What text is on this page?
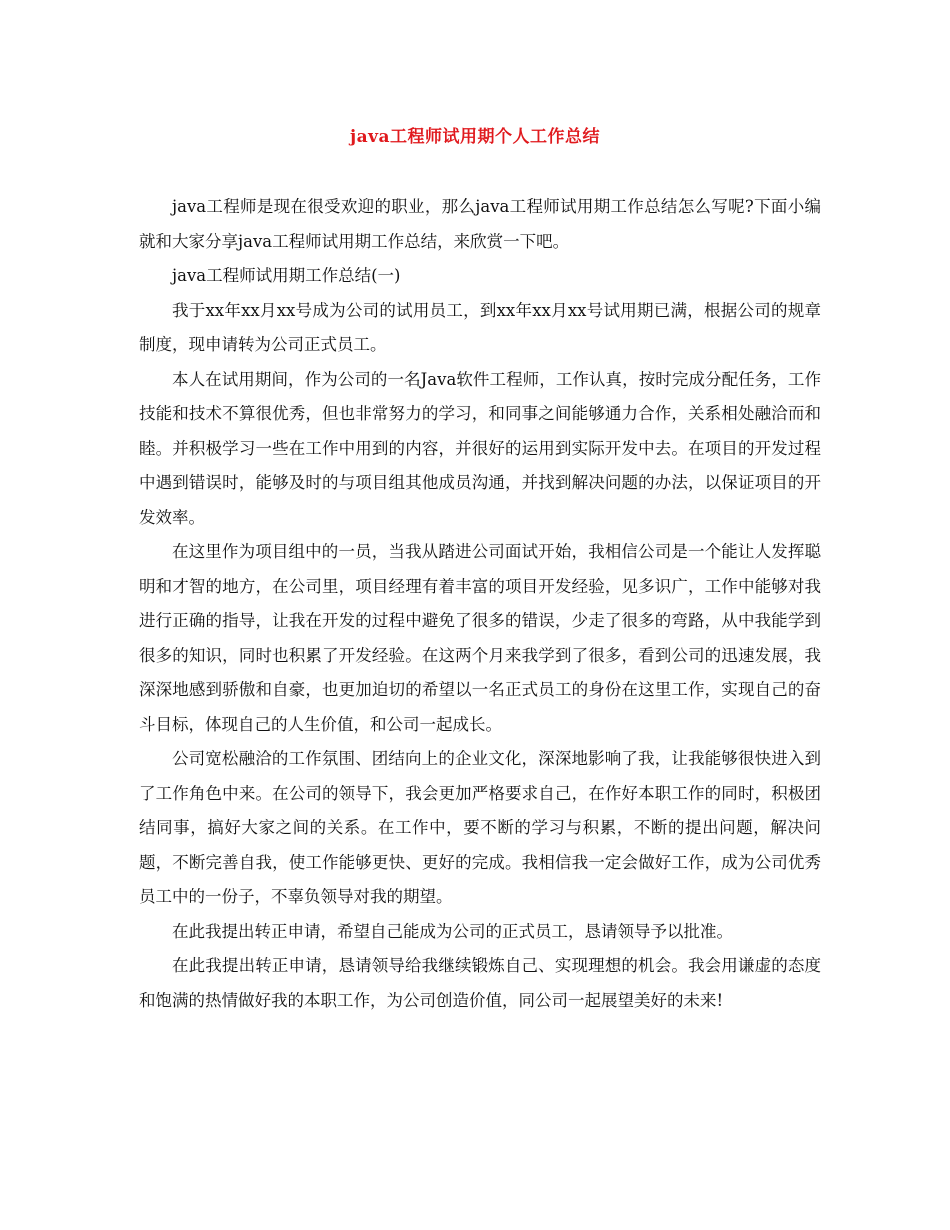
java工程师试用期个人工作总结

java工程师是现在很受欢迎的职业，那么java工程师试用期工作总结怎么写呢?下面小编就和大家分享java工程师试用期工作总结，来欣赏一下吧。

java工程师试用期工作总结(一)

我于xx年xx月xx号成为公司的试用员工，到xx年xx月xx号试用期已满，根据公司的规章制度，现申请转为公司正式员工。

本人在试用期间，作为公司的一名Java软件工程师，工作认真，按时完成分配任务，工作技能和技术不算很优秀，但也非常努力的学习，和同事之间能够通力合作，关系相处融洽而和睦。并积极学习一些在工作中用到的内容，并很好的运用到实际开发中去。在项目的开发过程中遇到错误时，能够及时的与项目组其他成员沟通，并找到解决问题的办法，以保证项目的开发效率。

在这里作为项目组中的一员，当我从踏进公司面试开始，我相信公司是一个能让人发挥聪明和才智的地方，在公司里，项目经理有着丰富的项目开发经验，见多识广，工作中能够对我进行正确的指导，让我在开发的过程中避免了很多的错误，少走了很多的弯路，从中我能学到很多的知识，同时也积累了开发经验。在这两个月来我学到了很多，看到公司的迅速发展，我深深地感到骄傲和自豪，也更加迫切的希望以一名正式员工的身份在这里工作，实现自己的奋斗目标，体现自己的人生价值，和公司一起成长。

公司宽松融洽的工作氛围、团结向上的企业文化，深深地影响了我，让我能够很快进入到了工作角色中来。在公司的领导下，我会更加严格要求自己，在作好本职工作的同时，积极团结同事，搞好大家之间的关系。在工作中，要不断的学习与积累，不断的提出问题，解决问题，不断完善自我，使工作能够更快、更好的完成。我相信我一定会做好工作，成为公司优秀员工中的一份子，不辜负领导对我的期望。

在此我提出转正申请，希望自己能成为公司的正式员工，恳请领导予以批准。

在此我提出转正申请，恳请领导给我继续锻炼自己、实现理想的机会。我会用谦虚的态度和饱满的热情做好我的本职工作，为公司创造价值，同公司一起展望美好的未来!
